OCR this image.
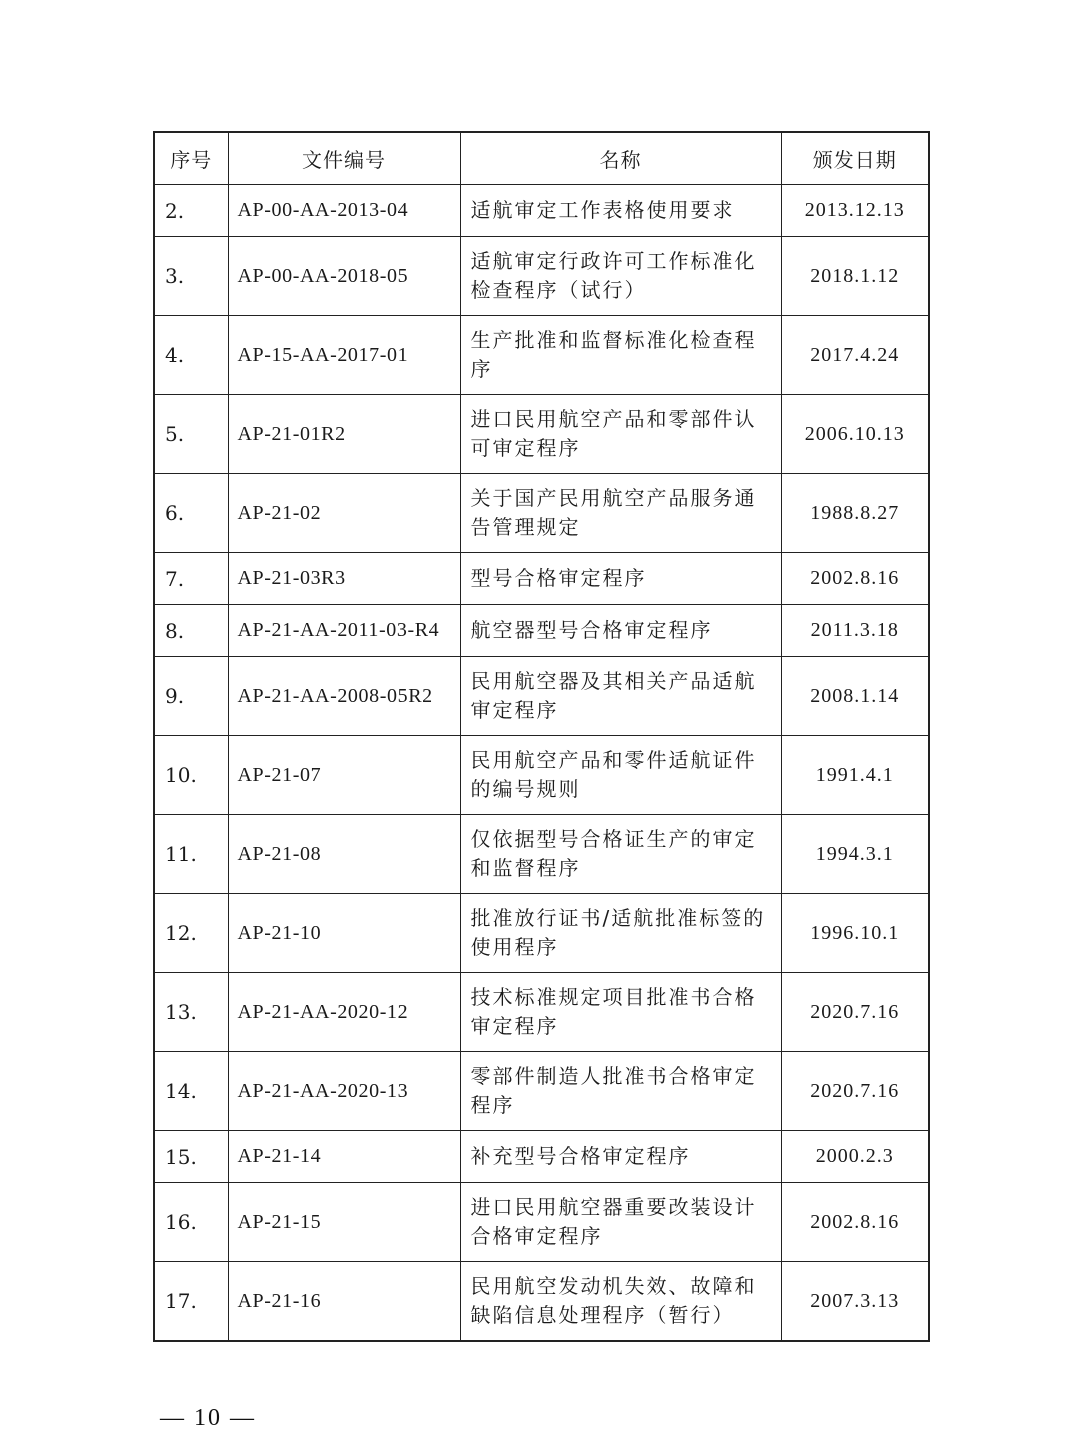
序号	文件编号	名称	颁发日期
2.	AP-00-AA-2013-04	适航审定工作表格使用要求	2013.12.13
3.	AP-00-AA-2018-05	适航审定行政许可工作标准化检查程序（试行）	2018.1.12
4.	AP-15-AA-2017-01	生产批准和监督标准化检查程序	2017.4.24
5.	AP-21-01R2	进口民用航空产品和零部件认可审定程序	2006.10.13
6.	AP-21-02	关于国产民用航空产品服务通告管理规定	1988.8.27
7.	AP-21-03R3	型号合格审定程序	2002.8.16
8.	AP-21-AA-2011-03-R4	航空器型号合格审定程序	2011.3.18
9.	AP-21-AA-2008-05R2	民用航空器及其相关产品适航审定程序	2008.1.14
10.	AP-21-07	民用航空产品和零件适航证件的编号规则	1991.4.1
11.	AP-21-08	仅依据型号合格证生产的审定和监督程序	1994.3.1
12.	AP-21-10	批准放行证书/适航批准标签的使用程序	1996.10.1
13.	AP-21-AA-2020-12	技术标准规定项目批准书合格审定程序	2020.7.16
14.	AP-21-AA-2020-13	零部件制造人批准书合格审定程序	2020.7.16
15.	AP-21-14	补充型号合格审定程序	2000.2.3
16.	AP-21-15	进口民用航空器重要改装设计合格审定程序	2002.8.16
17.	AP-21-16	民用航空发动机失效、故障和缺陷信息处理程序（暂行）	2007.3.13
— 10 —
